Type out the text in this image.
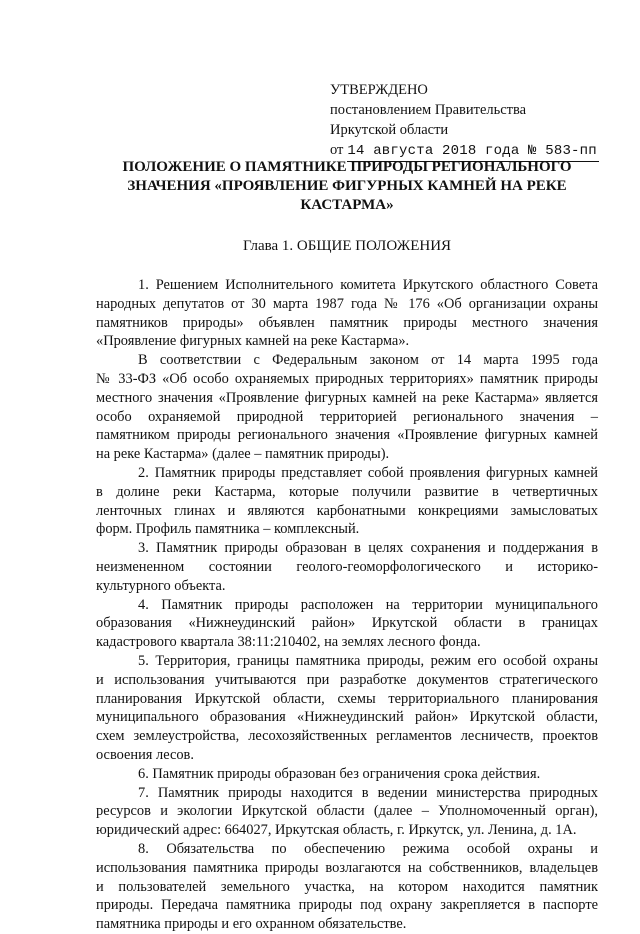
УТВЕРЖДЕНО
постановлением Правительства
Иркутской области
от 14 августа 2018 года № 583-пп
ПОЛОЖЕНИЕ О ПАМЯТНИКЕ ПРИРОДЫ РЕГИОНАЛЬНОГО
ЗНАЧЕНИЯ «ПРОЯВЛЕНИЕ ФИГУРНЫХ КАМНЕЙ НА РЕКЕ
КАСТАРМА»
Глава 1. ОБЩИЕ ПОЛОЖЕНИЯ
1. Решением Исполнительного комитета Иркутского областного Совета
народных депутатов от 30 марта 1987 года № 176 «Об организации охраны
памятников природы» объявлен памятник природы местного значения
«Проявление фигурных камней на реке Кастарма».
В соответствии с Федеральным законом от 14 марта 1995 года
№ 33-ФЗ «Об особо охраняемых природных территориях» памятник природы
местного значения «Проявление фигурных камней на реке Кастарма» является
особо охраняемой природной территорией регионального значения –
памятником природы регионального значения «Проявление фигурных камней
на реке Кастарма» (далее – памятник природы).
2. Памятник природы представляет собой проявления фигурных камней
в долине реки Кастарма, которые получили развитие в четвертичных
ленточных глинах и являются карбонатными конкрециями замысловатых
форм. Профиль памятника – комплексный.
3. Памятник природы образован в целях сохранения и поддержания в
неизмененном состоянии геолого-геоморфологического и историко-
культурного объекта.
4. Памятник природы расположен на территории муниципального
образования «Нижнеудинский район» Иркутской области в границах
кадастрового квартала 38:11:210402, на землях лесного фонда.
5. Территория, границы памятника природы, режим его особой охраны
и использования учитываются при разработке документов стратегического
планирования Иркутской области, схемы территориального планирования
муниципального образования «Нижнеудинский район» Иркутской области,
схем землеустройства, лесохозяйственных регламентов лесничеств, проектов
освоения лесов.
6. Памятник природы образован без ограничения срока действия.
7. Памятник природы находится в ведении министерства природных
ресурсов и экологии Иркутской области (далее – Уполномоченный орган),
юридический адрес: 664027, Иркутская область, г. Иркутск, ул. Ленина, д. 1А.
8. Обязательства по обеспечению режима особой охраны и
использования памятника природы возлагаются на собственников, владельцев
и пользователей земельного участка, на котором находится памятник
природы. Передача памятника природы под охрану закрепляется в паспорте
памятника природы и его охранном обязательстве.
